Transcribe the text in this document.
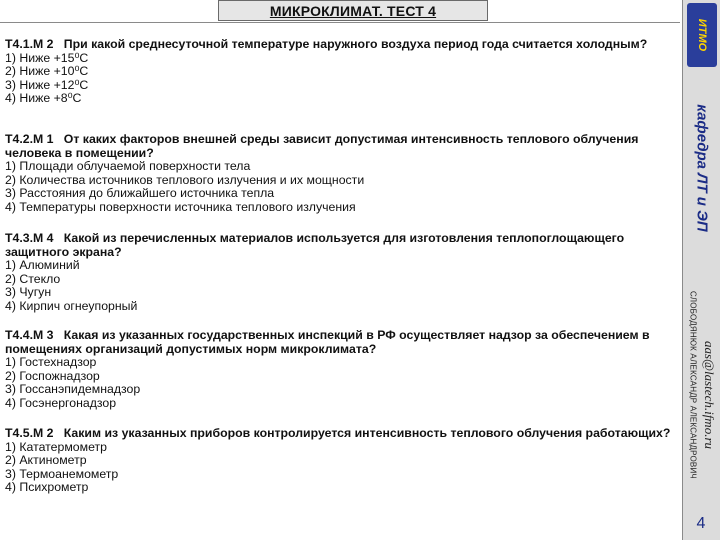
МИКРОКЛИМАТ. ТЕСТ 4
Т4.1.М 2 При какой среднесуточной температуре наружного воздуха период года считается холодным?
1) Ниже +15⁰С
2) Ниже +10⁰С
3) Ниже +12⁰С
4) Ниже +8⁰С
Т4.2.М 1 От каких факторов внешней среды зависит допустимая интенсивность теплового облучения человека в помещении?
1) Площади облучаемой поверхности тела
2) Количества источников теплового излучения и их мощности
3) Расстояния до ближайшего источника тепла
4) Температуры поверхности источника теплового излучения
Т4.3.М 4 Какой из перечисленных материалов используется для изготовления теплопоглощающего защитного экрана?
1) Алюминий
2) Стекло
3) Чугун
4) Кирпич огнеупорный
Т4.4.М 3 Какая из указанных государственных инспекций в РФ осуществляет надзор за обеспечением в помещениях организаций допустимых норм микроклимата?
1) Гостехнадзор
2) Госпожнадзор
3) Госсанэпидемнадзор
4) Госэнергонадзор
Т4.5.М 2 Каким из указанных приборов контролируется интенсивность теплового облучения работающих?
1) Кататермометр
2) Актинометр
3) Термоанемометр
4) Психрометр
ИТМО
кафедра ЛТ и ЭП
СЛОБОДЯНЮК АЛЕКСАНДР АЛЕКСАНДРОВИЧ aas@lastech.ifmo.ru
4
